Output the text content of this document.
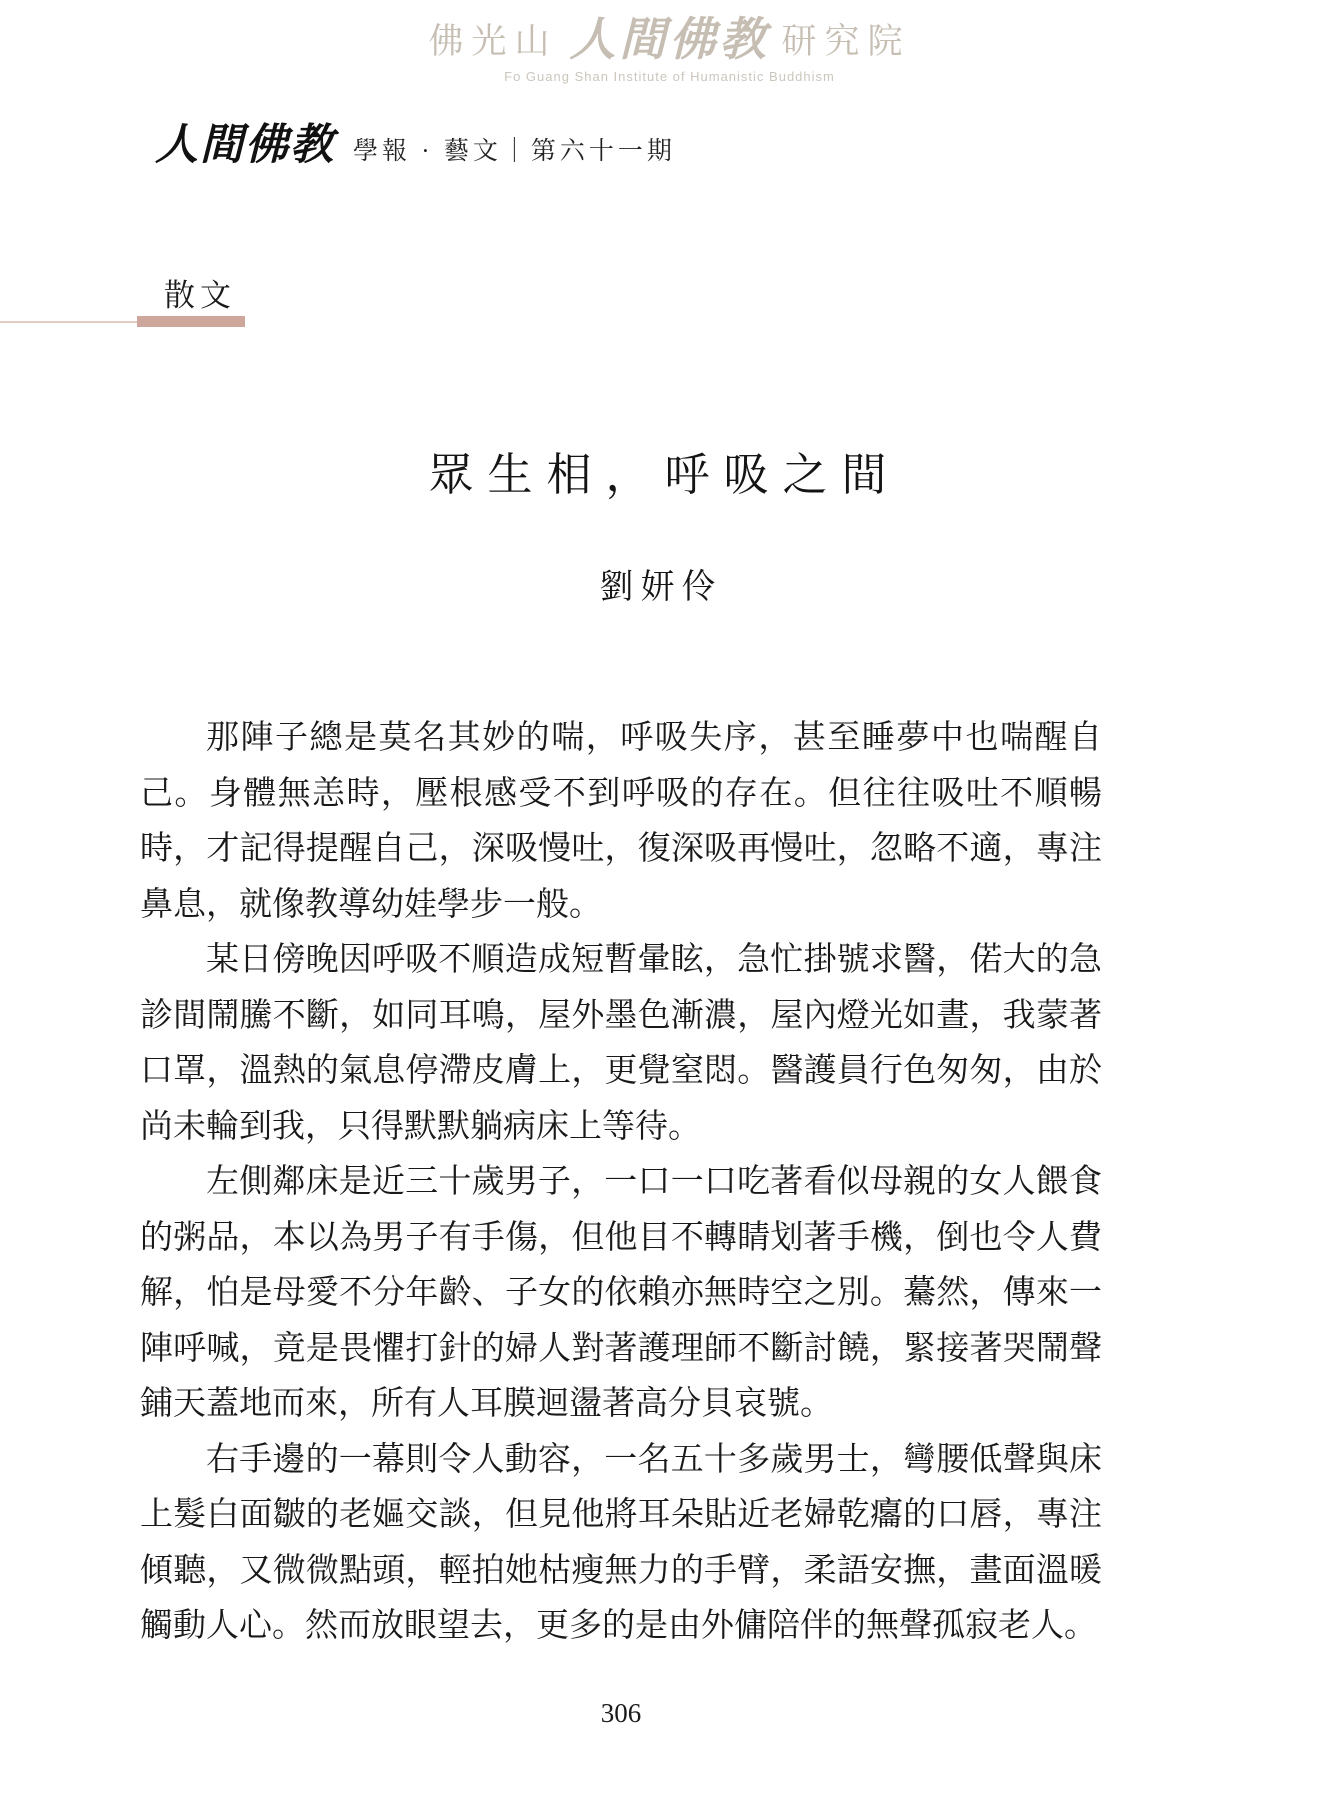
佛光山 人間佛教 研究院
Fo Guang Shan Institute of Humanistic Buddhism
人間佛教 學報 · 藝文｜第六十一期
散文
眾生相，呼吸之間
劉妍伶

那陣子總是莫名其妙的喘，呼吸失序，甚至睡夢中也喘醒自己。身體無恙時，壓根感受不到呼吸的存在。但往往吸吐不順暢時，才記得提醒自己，深吸慢吐，復深吸再慢吐，忽略不適，專注鼻息，就像教導幼娃學步一般。

某日傍晚因呼吸不順造成短暫暈眩，急忙掛號求醫，偌大的急診間鬧騰不斷，如同耳鳴，屋外墨色漸濃，屋內燈光如晝，我蒙著口罩，溫熱的氣息停滯皮膚上，更覺窒悶。醫護員行色匆匆，由於尚未輪到我，只得默默躺病床上等待。

左側鄰床是近三十歲男子，一口一口吃著看似母親的女人餵食的粥品，本以為男子有手傷，但他目不轉睛划著手機，倒也令人費解，怕是母愛不分年齡、子女的依賴亦無時空之別。驀然，傳來一陣呼喊，竟是畏懼打針的婦人對著護理師不斷討饒，緊接著哭鬧聲鋪天蓋地而來，所有人耳膜迴盪著高分貝哀號。

右手邊的一幕則令人動容，一名五十多歲男士，彎腰低聲與床上髮白面皺的老嫗交談，但見他將耳朵貼近老婦乾癟的口唇，專注傾聽，又微微點頭，輕拍她枯瘦無力的手臂，柔語安撫，畫面溫暖觸動人心。然而放眼望去，更多的是由外傭陪伴的無聲孤寂老人。

306
